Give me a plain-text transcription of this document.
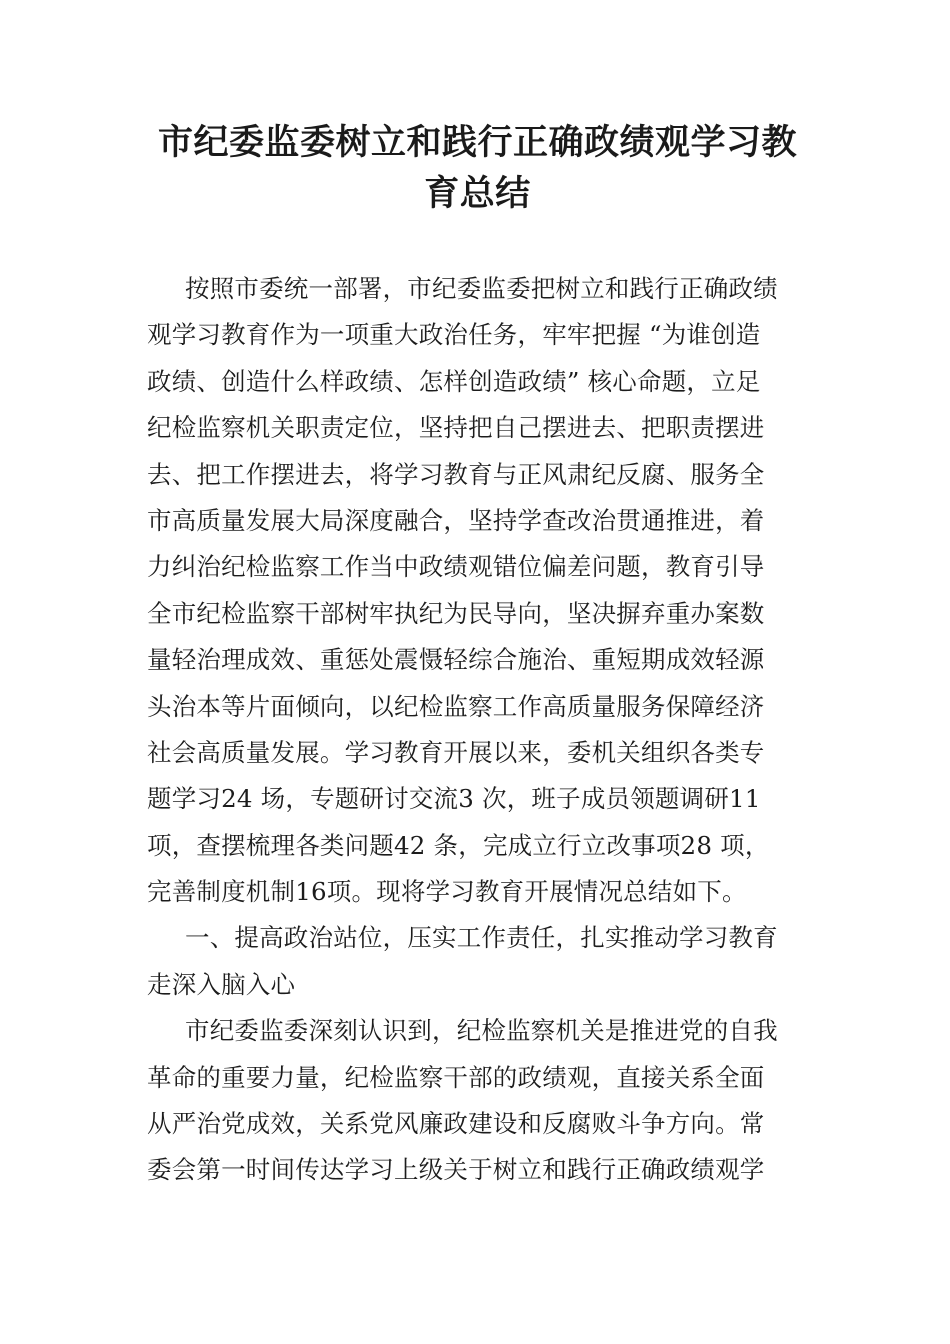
市纪委监委树立和践行正确政绩观学习教
育总结
按照市委统一部署，市纪委监委把树立和践行正确政绩
观学习教育作为一项重大政治任务，牢牢把握 “为谁创造
政绩、创造什么样政绩、怎样创造政绩” 核心命题，立足
纪检监察机关职责定位，坚持把自己摆进去、把职责摆进
去、把工作摆进去，将学习教育与正风肃纪反腐、服务全
市高质量发展大局深度融合，坚持学查改治贯通推进，着
力纠治纪检监察工作当中政绩观错位偏差问题，教育引导
全市纪检监察干部树牢执纪为民导向，坚决摒弃重办案数
量轻治理成效、重惩处震慑轻综合施治、重短期成效轻源
头治本等片面倾向，以纪检监察工作高质量服务保障经济
社会高质量发展。学习教育开展以来，委机关组织各类专
题学习24 场，专题研讨交流3 次，班子成员领题调研11
项，查摆梳理各类问题42 条，完成立行立改事项28 项，
完善制度机制16项。现将学习教育开展情况总结如下。
一、提高政治站位，压实工作责任，扎实推动学习教育
走深入脑入心
市纪委监委深刻认识到，纪检监察机关是推进党的自我
革命的重要力量，纪检监察干部的政绩观，直接关系全面
从严治党成效，关系党风廉政建设和反腐败斗争方向。常
委会第一时间传达学习上级关于树立和践行正确政绩观学
